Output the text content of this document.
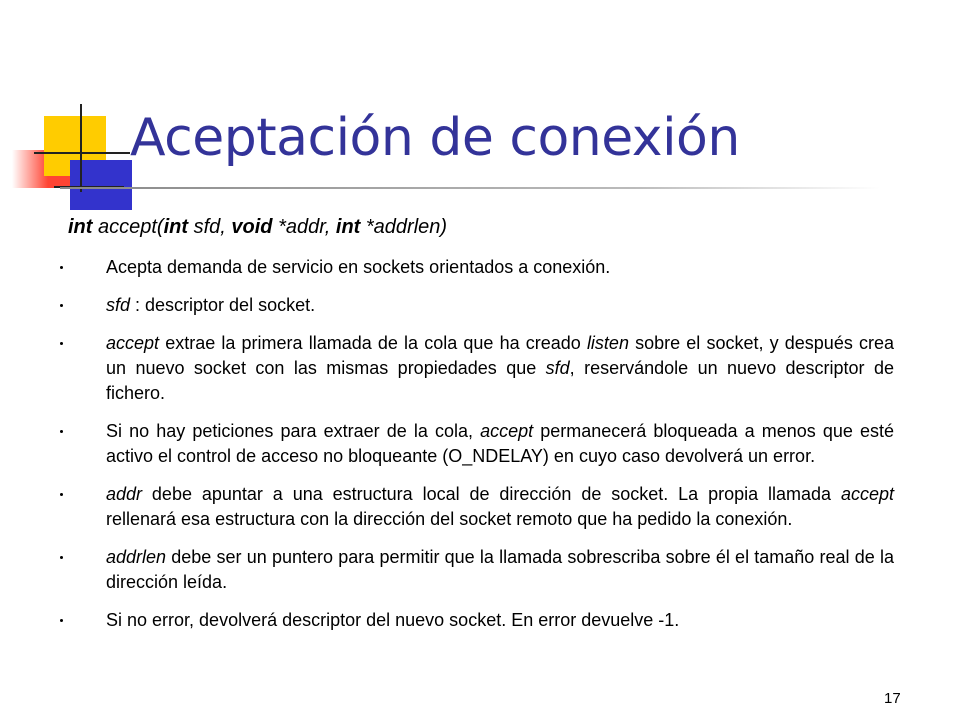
Aceptación de conexión

int accept(int sfd, void *addr, int *addrlen)

Acepta demanda de servicio en sockets orientados a conexión.
sfd : descriptor del socket.
accept extrae la primera llamada de la cola que ha creado listen sobre el socket, y después crea un nuevo socket con las mismas propiedades que sfd, reservándole un nuevo descriptor de fichero.
Si no hay peticiones para extraer de la cola, accept permanecerá bloqueada a menos que esté activo el control de acceso no bloqueante (O_NDELAY) en cuyo caso devolverá un error.
addr debe apuntar a una estructura local de dirección de socket. La propia llamada accept rellenará esa estructura con la dirección del socket remoto que ha pedido la conexión.
addrlen debe ser un puntero para permitir que la llamada sobrescriba sobre él el tamaño real de la dirección leída.
Si no error, devolverá descriptor del nuevo socket. En error devuelve -1.
17
